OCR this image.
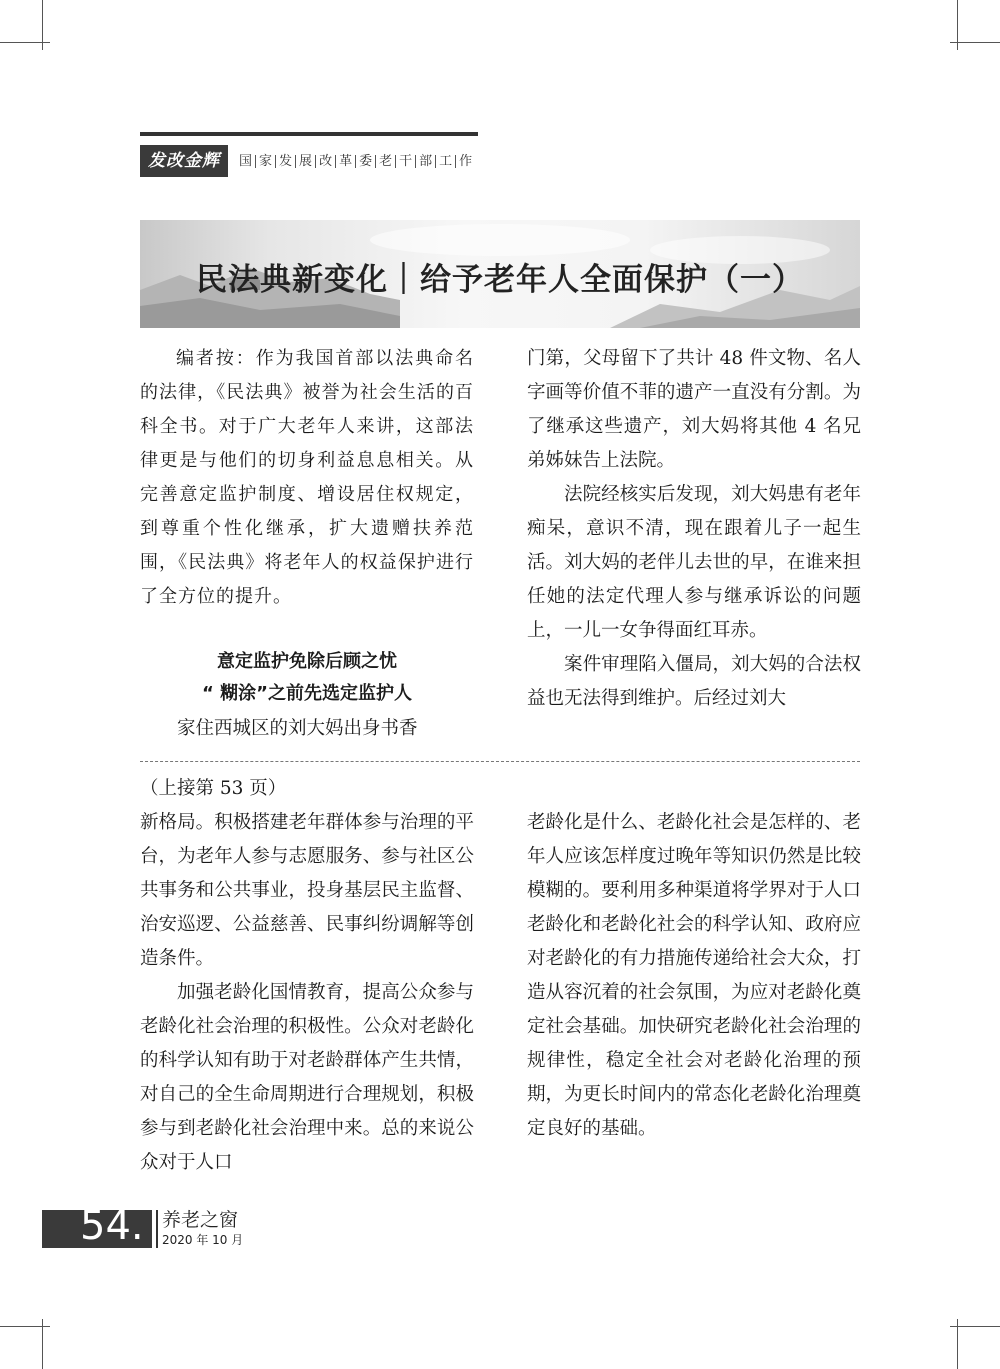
发改金辉	国 家 发 展 改 革 委 老 干 部 工 作
民法典新变化｜给予老年人全面保护（一）

编者按：作为我国首部以法典命名的法律，《民法典》被誉为社会生活的百科全书。对于广大老年人来讲，这部法律更是与他们的切身利益息息相关。从完善意定监护制度、增设居住权规定，到尊重个性化继承，扩大遗赠扶养范围，《民法典》将老年人的权益保护进行了全方位的提升。

意定监护免除后顾之忧
“ 糊涂”之前先选定监护人

家住西城区的刘大妈出身书香

门第，父母留下了共计 48 件文物、名人字画等价值不菲的遗产一直没有分割。为了继承这些遗产，刘大妈将其他 4 名兄弟姊妹告上法院。

法院经核实后发现，刘大妈患有老年痴呆，意识不清，现在跟着儿子一起生活。刘大妈的老伴儿去世的早，在谁来担任她的法定代理人参与继承诉讼的问题上，一儿一女争得面红耳赤。

案件审理陷入僵局，刘大妈的合法权益也无法得到维护。后经过刘大

（上接第 53 页）

新格局。积极搭建老年群体参与治理的平台，为老年人参与志愿服务、参与社区公共事务和公共事业，投身基层民主监督、治安巡逻、公益慈善、民事纠纷调解等创造条件。

加强老龄化国情教育，提高公众参与老龄化社会治理的积极性。公众对老龄化的科学认知有助于对老龄群体产生共情，对自己的全生命周期进行合理规划，积极参与到老龄化社会治理中来。总的来说公众对于人口

老龄化是什么、老龄化社会是怎样的、老年人应该怎样度过晚年等知识仍然是比较模糊的。要利用多种渠道将学界对于人口老龄化和老龄化社会的科学认知、政府应对老龄化的有力措施传递给社会大众，打造从容沉着的社会氛围，为应对老龄化奠定社会基础。加快研究老龄化社会治理的规律性，稳定全社会对老龄化治理的预期，为更长时间内的常态化老龄化治理奠定良好的基础。

54. 养老之窗
2020 年 10 月
